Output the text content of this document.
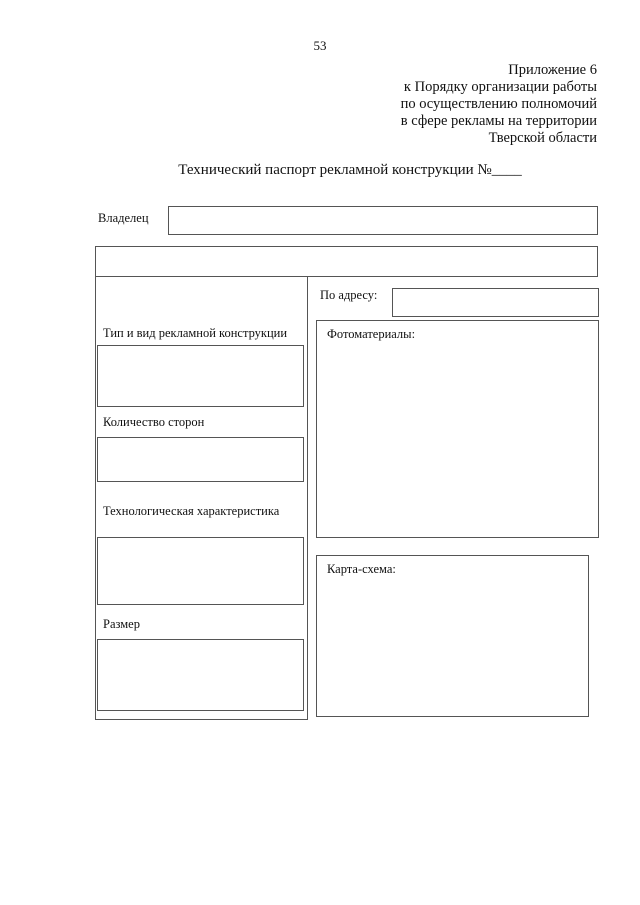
53
Приложение 6
к Порядку организации работы
по осуществлению полномочий
в сфере рекламы на территории
Тверской области
Технический паспорт рекламной конструкции №____
Владелец
По адресу:
Тип и вид рекламной конструкции
Количество сторон
Технологическая характеристика
Размер
Фотоматериалы:
Карта-схема:
